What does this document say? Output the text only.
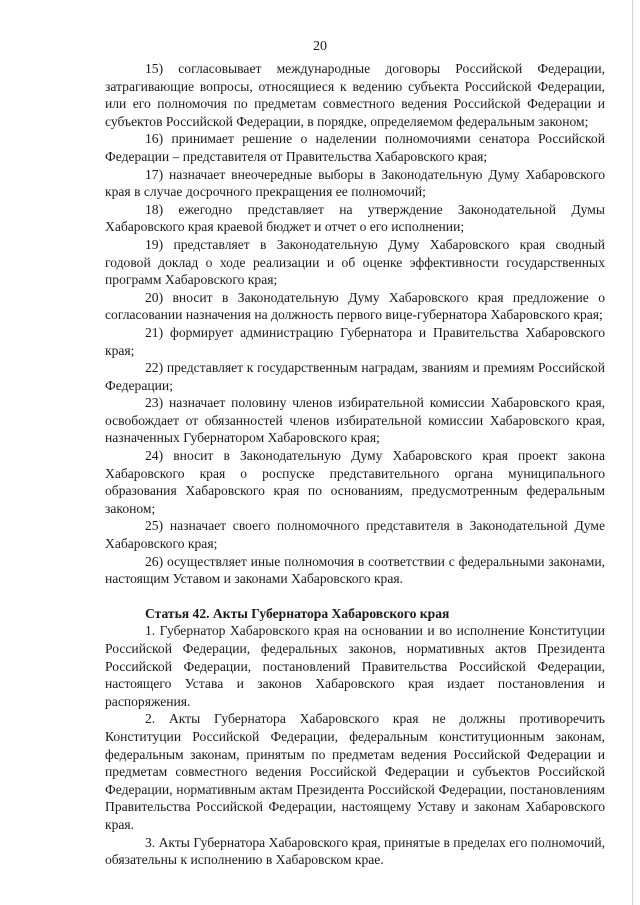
20

15) согласовывает международные договоры Российской Федерации, затрагивающие вопросы, относящиеся к ведению субъекта Российской Федерации, или его полномочия по предметам совместного ведения Российской Федерации и субъектов Российской Федерации, в порядке, определяемом федеральным законом;

16) принимает решение о наделении полномочиями сенатора Российской Федерации – представителя от Правительства Хабаровского края;

17) назначает внеочередные выборы в Законодательную Думу Хабаровского края в случае досрочного прекращения ее полномочий;

18) ежегодно представляет на утверждение Законодательной Думы Хабаровского края краевой бюджет и отчет о его исполнении;

19) представляет в Законодательную Думу Хабаровского края сводный годовой доклад о ходе реализации и об оценке эффективности государственных программ Хабаровского края;

20) вносит в Законодательную Думу Хабаровского края предложение о согласовании назначения на должность первого вице-губернатора Хабаровского края;

21) формирует администрацию Губернатора и Правительства Хабаровского края;

22) представляет к государственным наградам, званиям и премиям Российской Федерации;

23) назначает половину членов избирательной комиссии Хабаровского края, освобождает от обязанностей членов избирательной комиссии Хабаровского края, назначенных Губернатором Хабаровского края;

24) вносит в Законодательную Думу Хабаровского края проект закона Хабаровского края о роспуске представительного органа муниципального образования Хабаровского края по основаниям, предусмотренным федеральным законом;

25) назначает своего полномочного представителя в Законодательной Думе Хабаровского края;

26) осуществляет иные полномочия в соответствии с федеральными законами, настоящим Уставом и законами Хабаровского края.

Статья 42. Акты Губернатора Хабаровского края

1. Губернатор Хабаровского края на основании и во исполнение Конституции Российской Федерации, федеральных законов, нормативных актов Президента Российской Федерации, постановлений Правительства Российской Федерации, настоящего Устава и законов Хабаровского края издает постановления и распоряжения.

2. Акты Губернатора Хабаровского края не должны противоречить Конституции Российской Федерации, федеральным конституционным законам, федеральным законам, принятым по предметам ведения Российской Федерации и предметам совместного ведения Российской Федерации и субъектов Российской Федерации, нормативным актам Президента Российской Федерации, постановлениям Правительства Российской Федерации, настоящему Уставу и законам Хабаровского края.

3. Акты Губернатора Хабаровского края, принятые в пределах его полномочий, обязательны к исполнению в Хабаровском крае.
